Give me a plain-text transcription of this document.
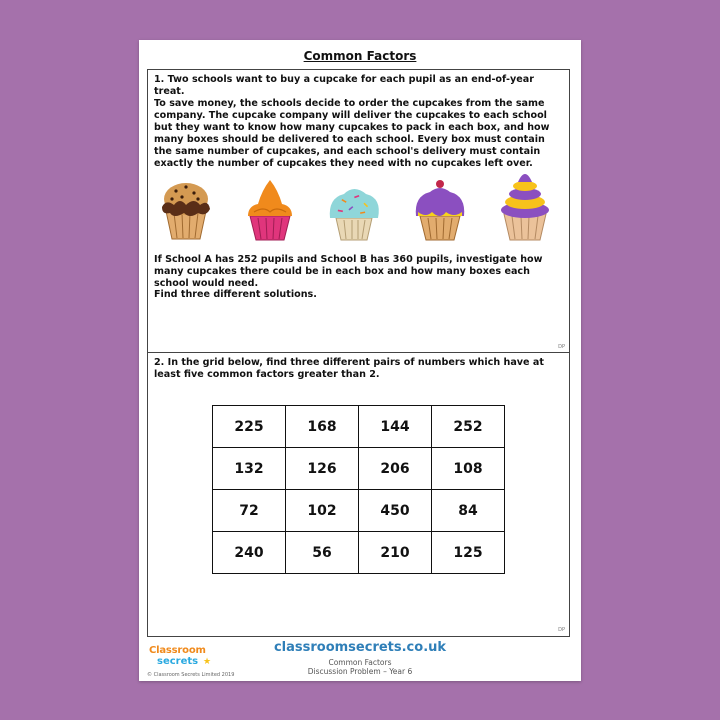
Common Factors

1. Two schools want to buy a cupcake for each pupil as an end-of-year treat.

To save money, the schools decide to order the cupcakes from the same company. The cupcake company will deliver the cupcakes to each school but they want to know how many cupcakes to pack in each box, and how many boxes should be delivered to each school. Every box must contain the same number of cupcakes, and each school's delivery must contain exactly the number of cupcakes they need with no cupcakes left over.

If School A has 252 pupils and School B has 360 pupils, investigate how many cupcakes there could be in each box and how many boxes each school would need.

Find three different solutions.

DP

2. In the grid below, find three different pairs of numbers which have at least five common factors greater than 2.

225	168	144	252
132	126	206	108
72	102	450	84
240	56	210	125
DP
Classroom
secrets ★
© Classroom Secrets Limited 2019
classroomsecrets.co.uk
Common Factors
Discussion Problem – Year 6
